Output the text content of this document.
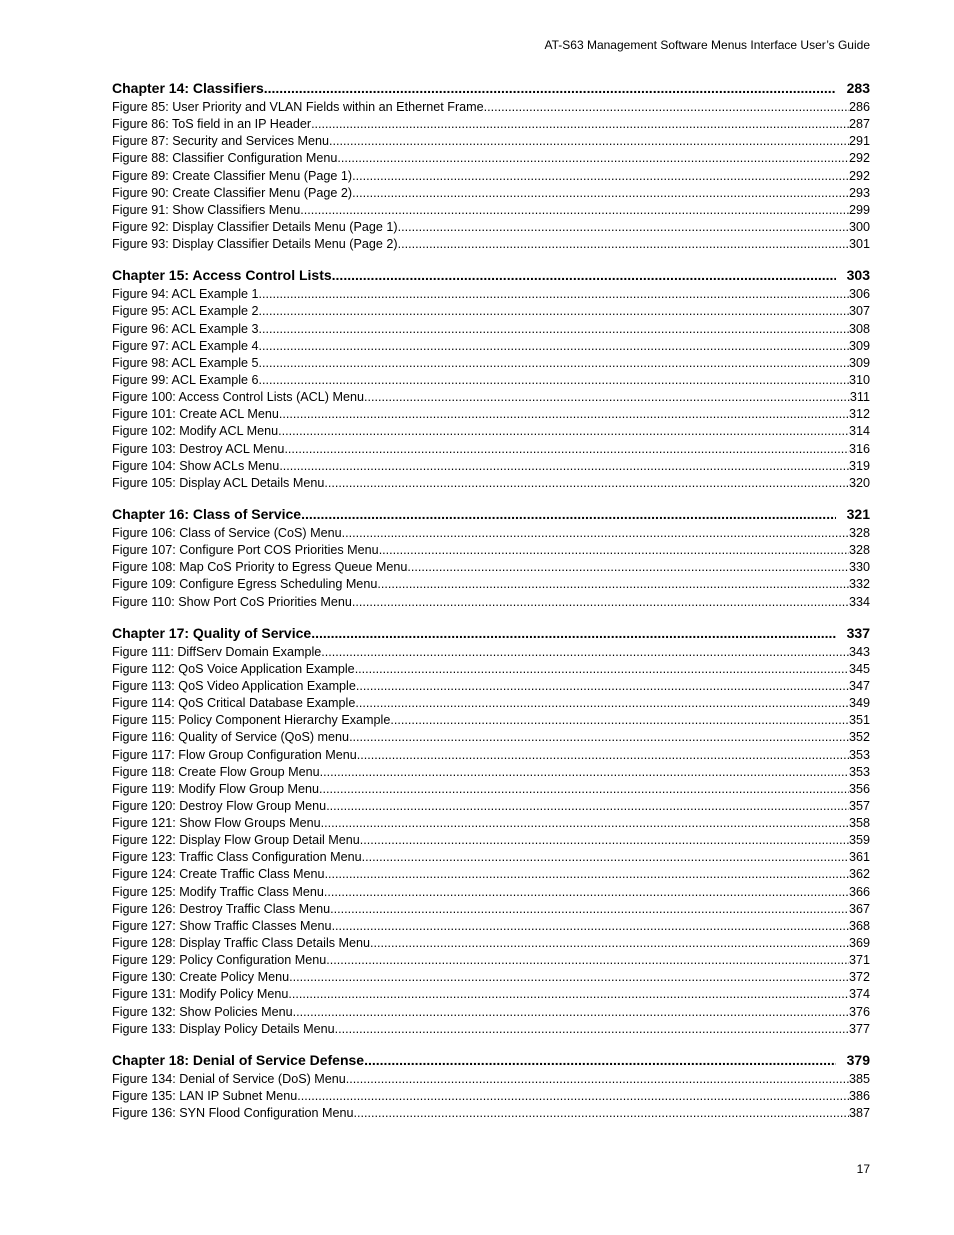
AT-S63 Management Software Menus Interface User’s Guide
Chapter 14: Classifiers .....	283
Figure 85: User Priority and VLAN Fields within an Ethernet Frame .....	286
Figure 86: ToS field in an IP Header .....	287
Figure 87: Security and Services Menu .....	291
Figure 88: Classifier Configuration Menu .....	292
Figure 89: Create Classifier Menu (Page 1) .....	292
Figure 90: Create Classifier Menu (Page 2) .....	293
Figure 91: Show Classifiers Menu .....	299
Figure 92: Display Classifier Details Menu (Page 1) .....	300
Figure 93: Display Classifier Details Menu (Page 2) .....	301
Chapter 15: Access Control Lists .....	303
Figure 94: ACL Example 1 .....	306
Figure 95: ACL Example 2 .....	307
Figure 96: ACL Example 3 .....	308
Figure 97: ACL Example 4 .....	309
Figure 98: ACL Example 5 .....	309
Figure 99: ACL Example 6 .....	310
Figure 100: Access Control Lists (ACL) Menu .....	311
Figure 101: Create ACL Menu .....	312
Figure 102: Modify ACL Menu .....	314
Figure 103: Destroy ACL Menu .....	316
Figure 104: Show ACLs Menu .....	319
Figure 105: Display ACL Details Menu .....	320
Chapter 16: Class of Service .....	321
Figure 106: Class of Service (CoS) Menu .....	328
Figure 107: Configure Port COS Priorities Menu .....	328
Figure 108: Map CoS Priority to Egress Queue Menu .....	330
Figure 109: Configure Egress Scheduling Menu .....	332
Figure 110: Show Port CoS Priorities Menu .....	334
Chapter 17: Quality of Service .....	337
Figure 111: DiffServ Domain Example .....	343
Figure 112: QoS Voice Application Example .....	345
Figure 113: QoS Video Application Example .....	347
Figure 114: QoS Critical Database Example .....	349
Figure 115: Policy Component Hierarchy Example .....	351
Figure 116: Quality of Service (QoS) menu .....	352
Figure 117: Flow Group Configuration Menu .....	353
Figure 118: Create Flow Group Menu .....	353
Figure 119: Modify Flow Group Menu .....	356
Figure 120: Destroy Flow Group Menu .....	357
Figure 121: Show Flow Groups Menu .....	358
Figure 122: Display Flow Group Detail Menu .....	359
Figure 123: Traffic Class Configuration Menu .....	361
Figure 124: Create Traffic Class Menu .....	362
Figure 125: Modify Traffic Class Menu .....	366
Figure 126: Destroy Traffic Class Menu .....	367
Figure 127: Show Traffic Classes Menu .....	368
Figure 128: Display Traffic Class Details Menu .....	369
Figure 129: Policy Configuration Menu .....	371
Figure 130: Create Policy Menu .....	372
Figure 131: Modify Policy Menu .....	374
Figure 132: Show Policies Menu .....	376
Figure 133: Display Policy Details Menu .....	377
Chapter 18: Denial of Service Defense .....	379
Figure 134: Denial of Service (DoS) Menu .....	385
Figure 135: LAN IP Subnet Menu .....	386
Figure 136: SYN Flood Configuration Menu .....	387
17
